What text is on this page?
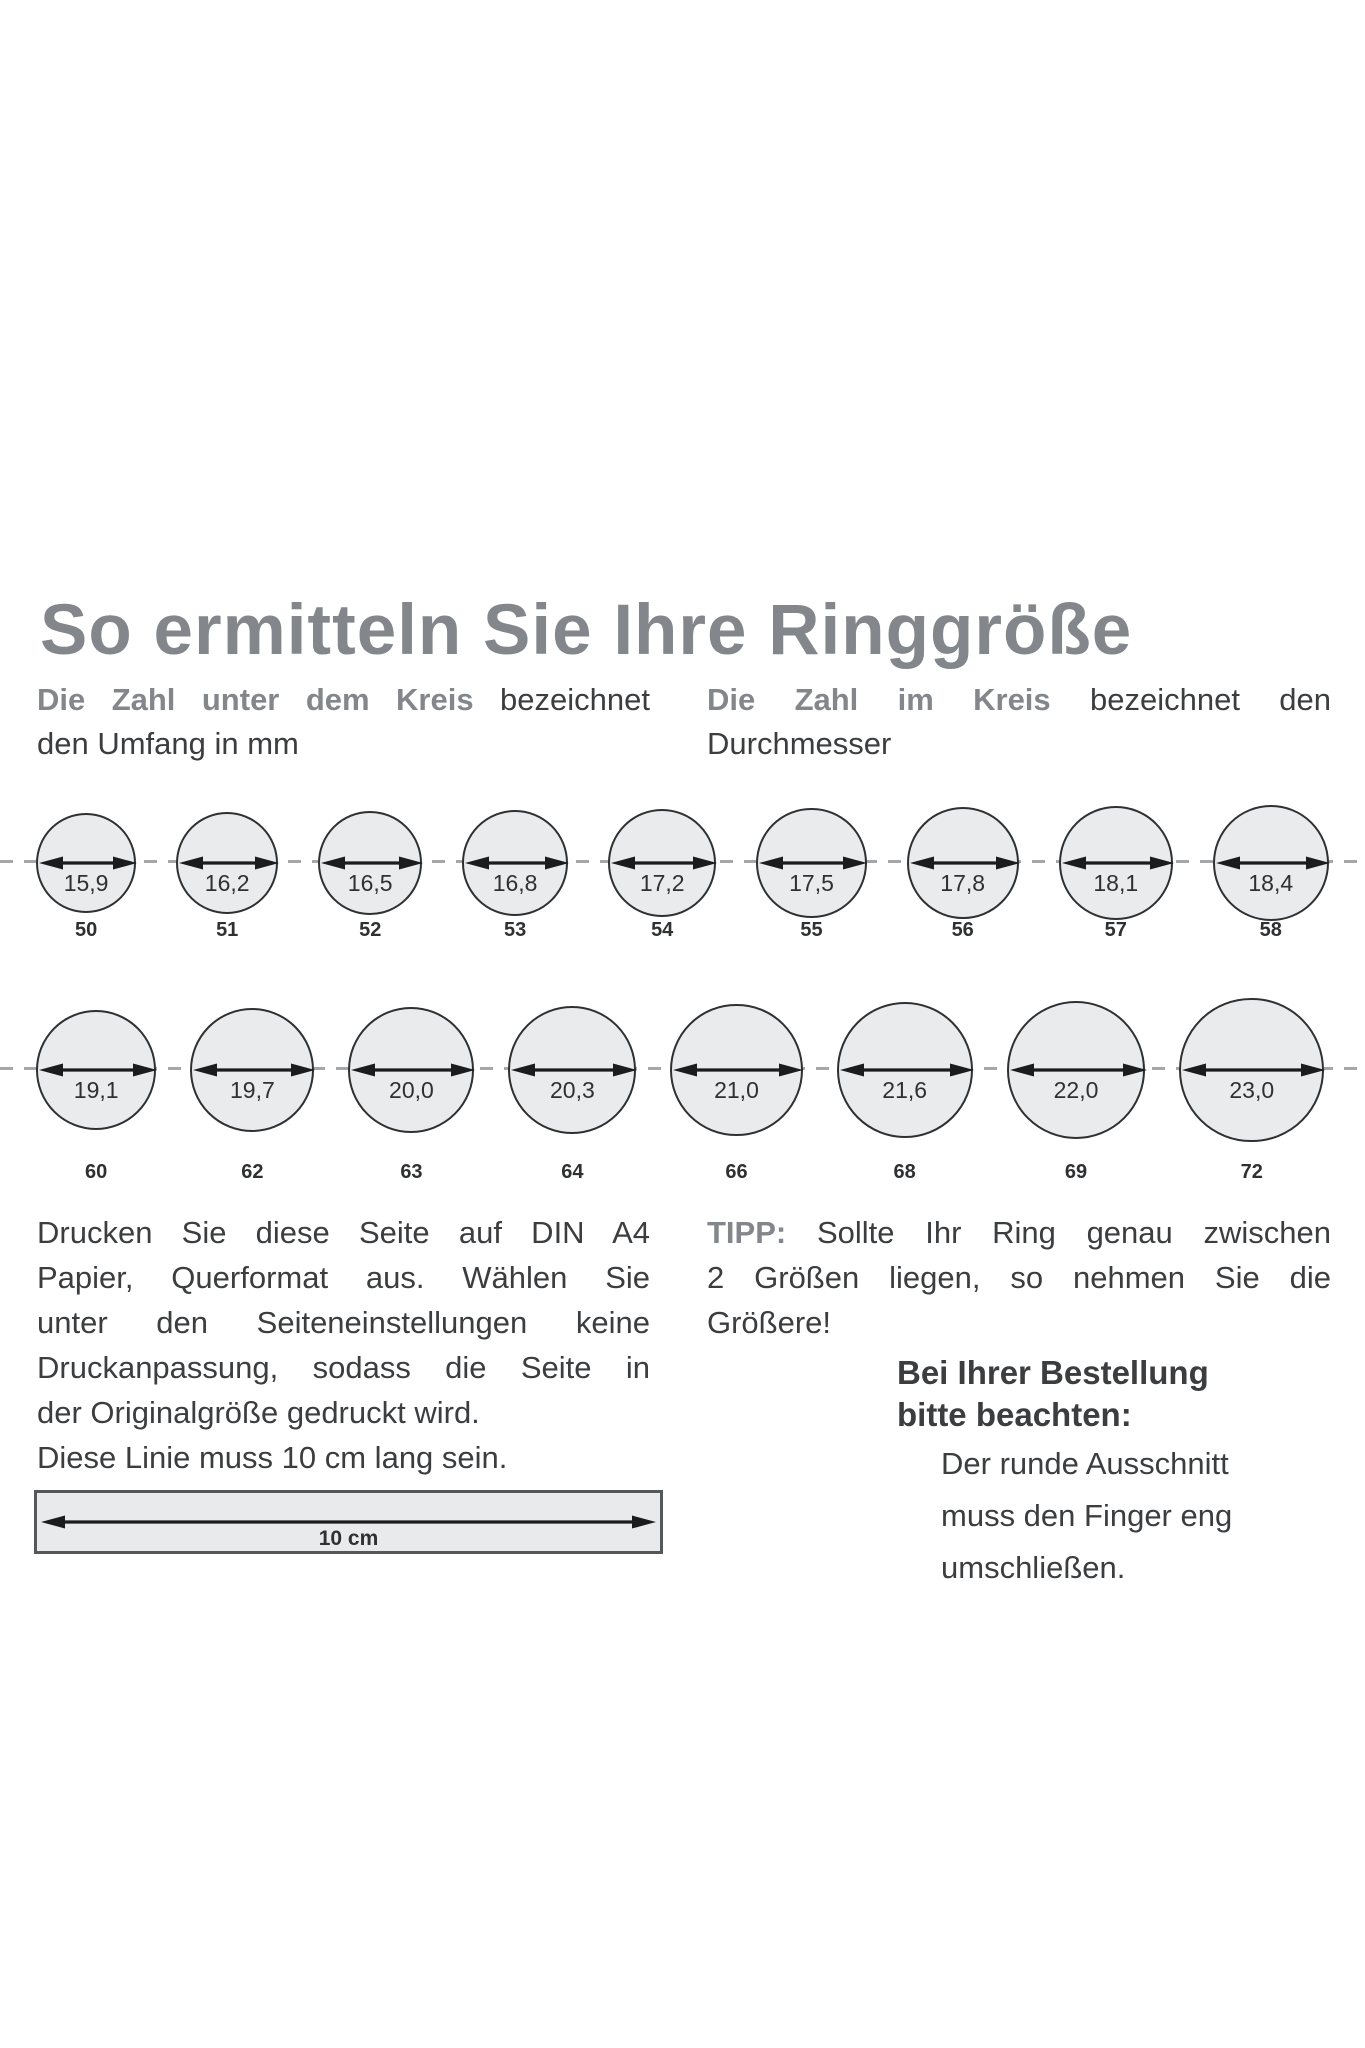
So ermitteln Sie Ihre Ringgröße
Die Zahl unter dem Kreis bezeichnet
den Umfang in mm
Die Zahl im Kreis bezeichnet den
Durchmesser
15,9
50
16,2
51
16,5
52
16,8
53
17,2
54
17,5
55
17,8
56
18,1
57
18,4
58
19,1
60
19,7
62
20,0
63
20,3
64
21,0
66
21,6
68
22,0
69
23,0
72
Drucken Sie diese Seite auf DIN A4
Papier, Querformat aus. Wählen Sie
unter den Seiteneinstellungen keine
Druckanpassung, sodass die Seite in
der Originalgröße gedruckt wird.
Diese Linie muss 10 cm lang sein.
10 cm
TIPP: Sollte Ihr Ring genau zwischen
2 Größen liegen, so nehmen Sie die
Größere!
Bei Ihrer Bestellung
bitte beachten:
Der runde Ausschnitt
muss den Finger eng
umschließen.
